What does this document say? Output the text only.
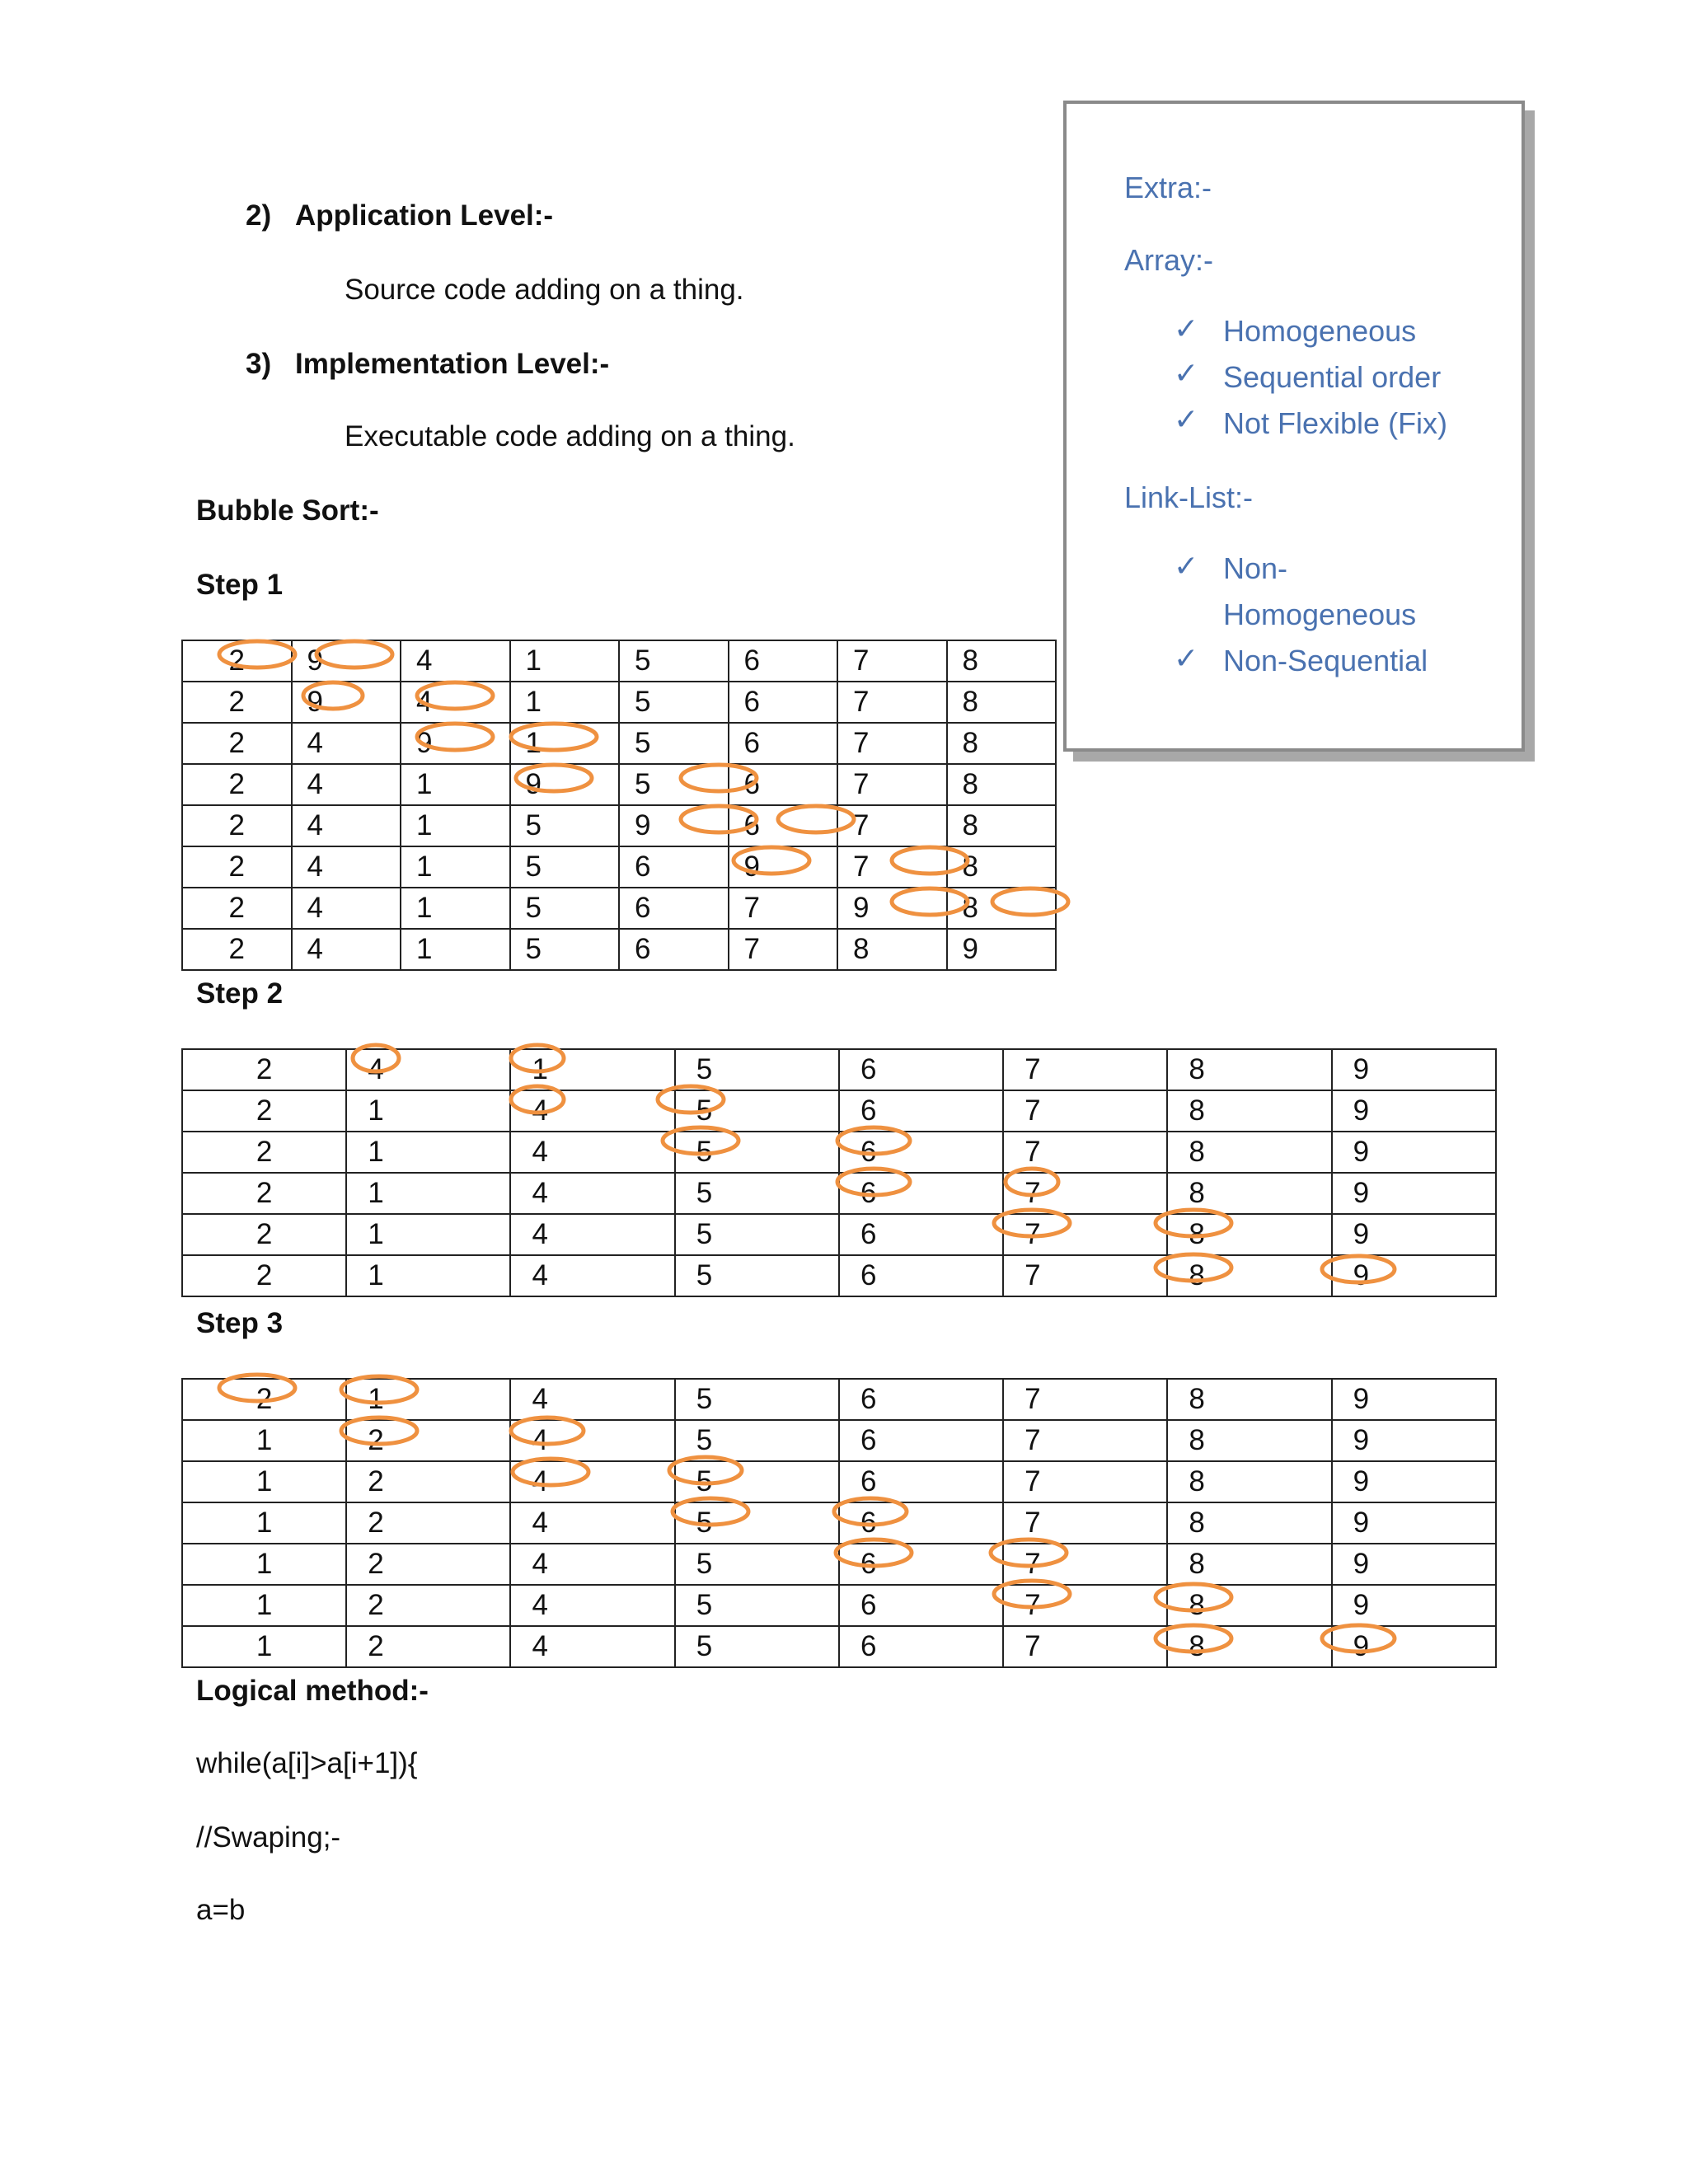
2) Application Level:-
Source code adding on a thing.
3) Implementation Level:-
Executable code adding on a thing.
Bubble Sort:-
Step 1
2	9	4	1	5	6	7	8

2	9	4	1	5	6	7	8

2	4	9	1	5	6	7	8

2	4	1	9	5	6	7	8

2	4	1	5	9	6	7	8

2	4	1	5	6	9	7	8

2	4	1	5	6	7	9	8

2	4	1	5	6	7	8	9
Step 2
2	4	1	5	6	7	8	9

2	1	4	5	6	7	8	9

2	1	4	5	6	7	8	9

2	1	4	5	6	7	8	9

2	1	4	5	6	7	8	9

2	1	4	5	6	7	8	9
Step 3
2	1	4	5	6	7	8	9

1	2	4	5	6	7	8	9

1	2	4	5	6	7	8	9

1	2	4	5	6	7	8	9

1	2	4	5	6	7	8	9

1	2	4	5	6	7	8	9

1	2	4	5	6	7	8	9
Logical method:-
while(a[i]>a[i+1]){
//Swaping;-
a=b
Extra:-
Array:-
✓ Homogeneous
✓ Sequential order
✓ Not Flexible (Fix)
Link-List:-
✓ Non-
Homogeneous
✓ Non-Sequential
